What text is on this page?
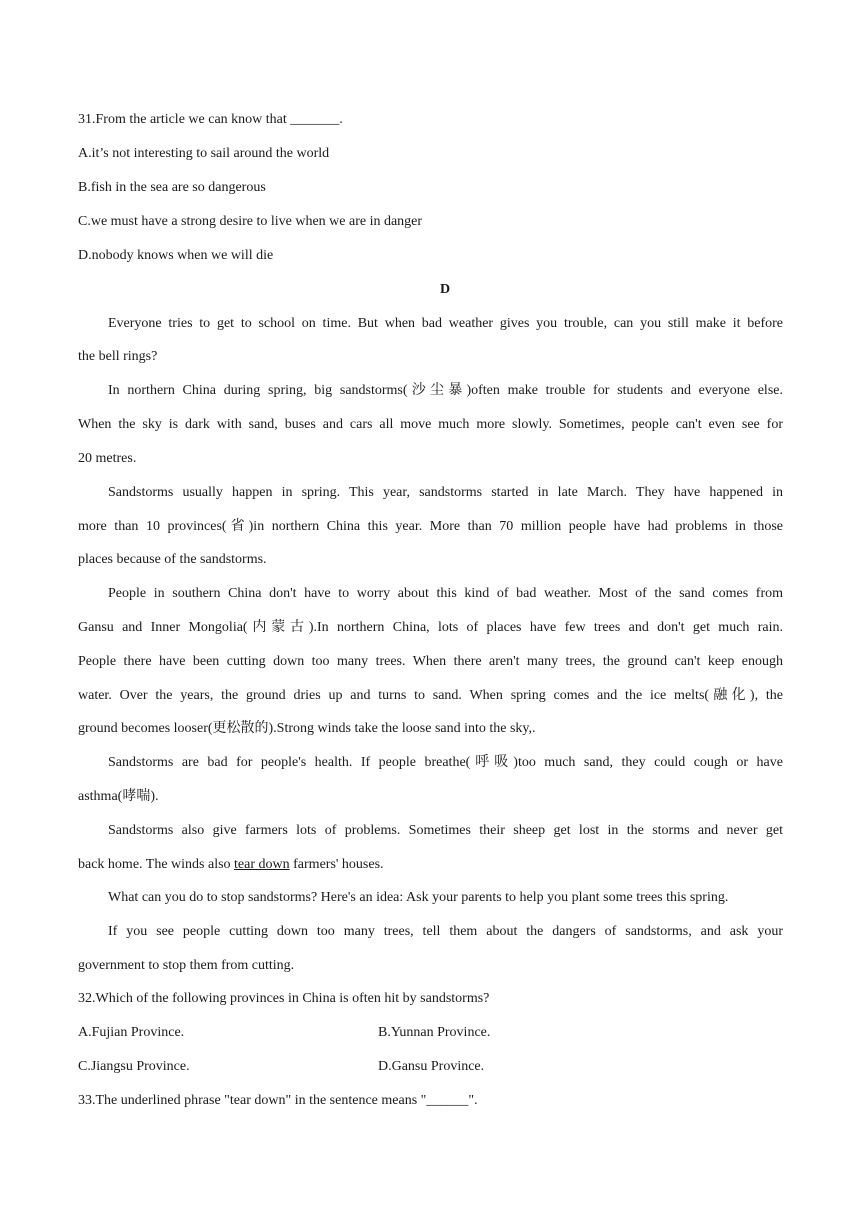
31.From the article we can know that _______.
A.it’s not interesting to sail around the world
B.fish in the sea are so dangerous
C.we must have a strong desire to live when we are in danger
D.nobody knows when we will die
D
Everyone tries to get to school on time. But when bad weather gives you trouble, can you still make it before
the bell rings?
In northern China during spring, big sandstorms(沙尘暴)often make trouble for students and everyone else.
When the sky is dark with sand, buses and cars all move much more slowly. Sometimes, people can't even see for
20 metres.
Sandstorms usually happen in spring. This year, sandstorms started in late March. They have happened in
more than 10 provinces(省)in northern China this year. More than 70 million people have had problems in those
places because of the sandstorms.
People in southern China don't have to worry about this kind of bad weather. Most of the sand comes from
Gansu and Inner Mongolia(内蒙古).In northern China, lots of places have few trees and don't get much rain.
People there have been cutting down too many trees. When there aren't many trees, the ground can't keep enough
water. Over the years, the ground dries up and turns to sand. When spring comes and the ice melts(融化), the
ground becomes looser(更松散的).Strong winds take the loose sand into the sky,.
Sandstorms are bad for people's health. If people breathe(呼吸)too much sand, they could cough or have
asthma(哮喘).
Sandstorms also give farmers lots of problems. Sometimes their sheep get lost in the storms and never get
back home. The winds also tear down farmers' houses.
What can you do to stop sandstorms? Here's an idea: Ask your parents to help you plant some trees this spring.
If you see people cutting down too many trees, tell them about the dangers of sandstorms, and ask your
government to stop them from cutting.
32.Which of the following provinces in China is often hit by sandstorms?
A.Fujian Province.	B.Yunnan Province.
C.Jiangsu Province.	D.Gansu Province.
33.The underlined phrase "tear down" in the sentence means "______".
